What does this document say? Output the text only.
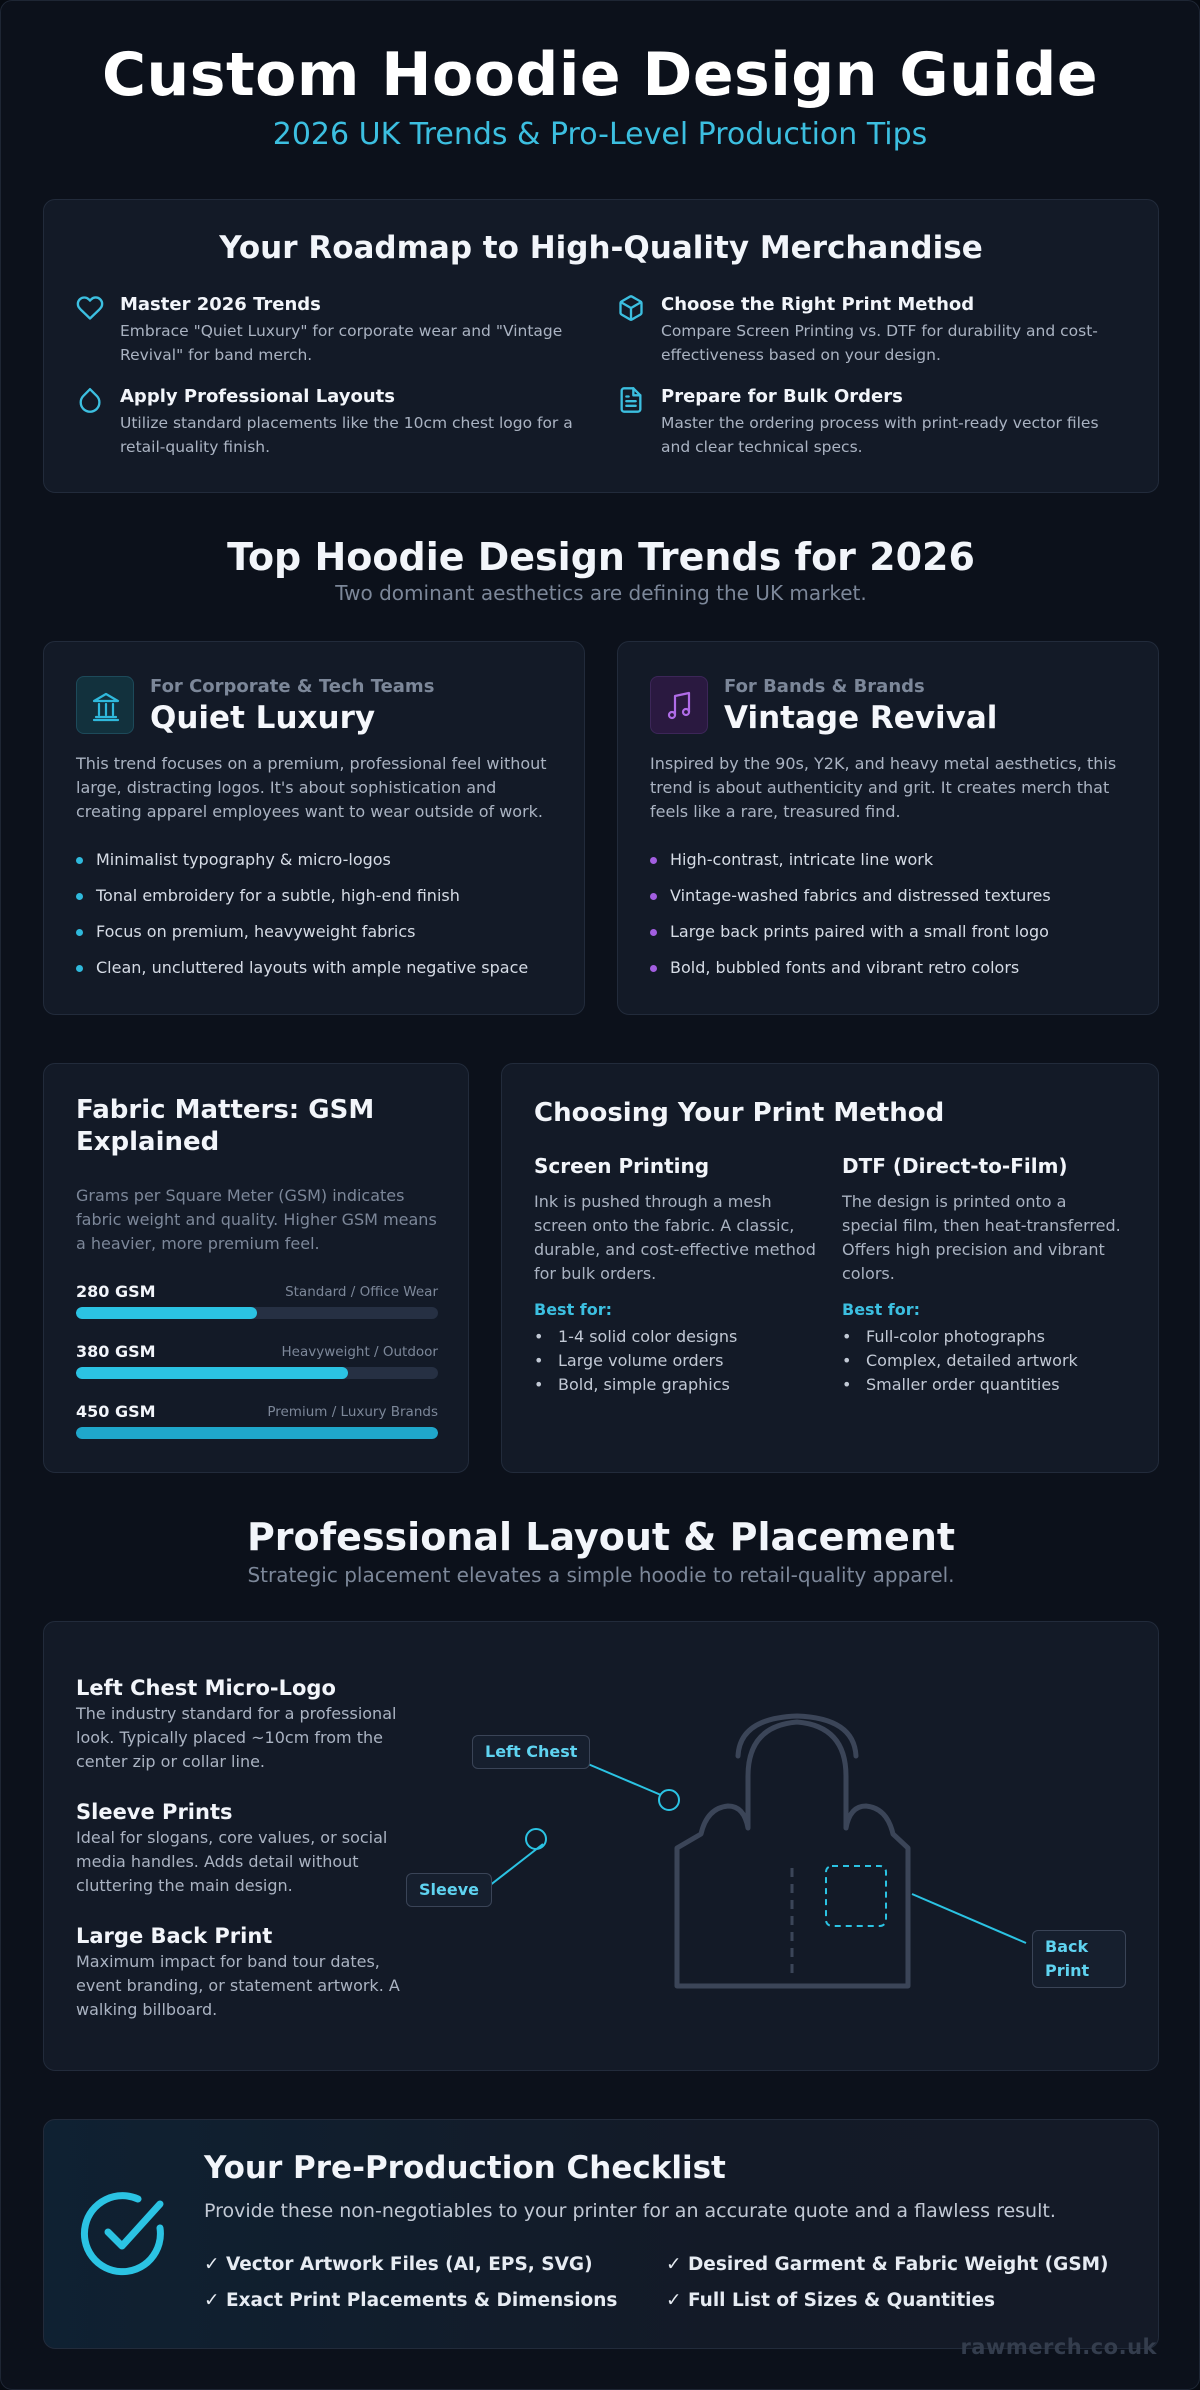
Custom Hoodie Design Guide
2026 UK Trends & Pro-Level Production Tips
Your Roadmap to High-Quality Merchandise
Master 2026 Trends
Embrace "Quiet Luxury" for corporate wear and "Vintage Revival" for band merch.
Choose the Right Print Method
Compare Screen Printing vs. DTF for durability and cost-effectiveness based on your design.
Apply Professional Layouts
Utilize standard placements like the 10cm chest logo for a retail-quality finish.
Prepare for Bulk Orders
Master the ordering process with print-ready vector files and clear technical specs.
Top Hoodie Design Trends for 2026
Two dominant aesthetics are defining the UK market.
For Corporate & Tech Teams
Quiet Luxury
This trend focuses on a premium, professional feel without large, distracting logos. It's about sophistication and creating apparel employees want to wear outside of work.
Minimalist typography & micro-logos
Tonal embroidery for a subtle, high-end finish
Focus on premium, heavyweight fabrics
Clean, uncluttered layouts with ample negative space
For Bands & Brands
Vintage Revival
Inspired by the 90s, Y2K, and heavy metal aesthetics, this trend is about authenticity and grit. It creates merch that feels like a rare, treasured find.
High-contrast, intricate line work
Vintage-washed fabrics and distressed textures
Large back prints paired with a small front logo
Bold, bubbled fonts and vibrant retro colors
Fabric Matters: GSM Explained
Grams per Square Meter (GSM) indicates fabric weight and quality. Higher GSM means a heavier, more premium feel.
280 GSM	Standard / Office Wear
380 GSM	Heavyweight / Outdoor
450 GSM	Premium / Luxury Brands
Choosing Your Print Method
Screen Printing
Ink is pushed through a mesh screen onto the fabric. A classic, durable, and cost-effective method for bulk orders.
Best for:
• 1-4 solid color designs
• Large volume orders
• Bold, simple graphics
DTF (Direct-to-Film)
The design is printed onto a special film, then heat-transferred. Offers high precision and vibrant colors.
Best for:
• Full-color photographs
• Complex, detailed artwork
• Smaller order quantities
Professional Layout & Placement
Strategic placement elevates a simple hoodie to retail-quality apparel.
Left Chest Micro-Logo
The industry standard for a professional look. Typically placed ~10cm from the center zip or collar line.
Sleeve Prints
Ideal for slogans, core values, or social media handles. Adds detail without cluttering the main design.
Large Back Print
Maximum impact for band tour dates, event branding, or statement artwork. A walking billboard.
Left Chest
Sleeve
Back
Print
Your Pre-Production Checklist
Provide these non-negotiables to your printer for an accurate quote and a flawless result.
✓ Vector Artwork Files (AI, EPS, SVG)	✓ Desired Garment & Fabric Weight (GSM)
✓ Exact Print Placements & Dimensions	✓ Full List of Sizes & Quantities
rawmerch.co.uk
